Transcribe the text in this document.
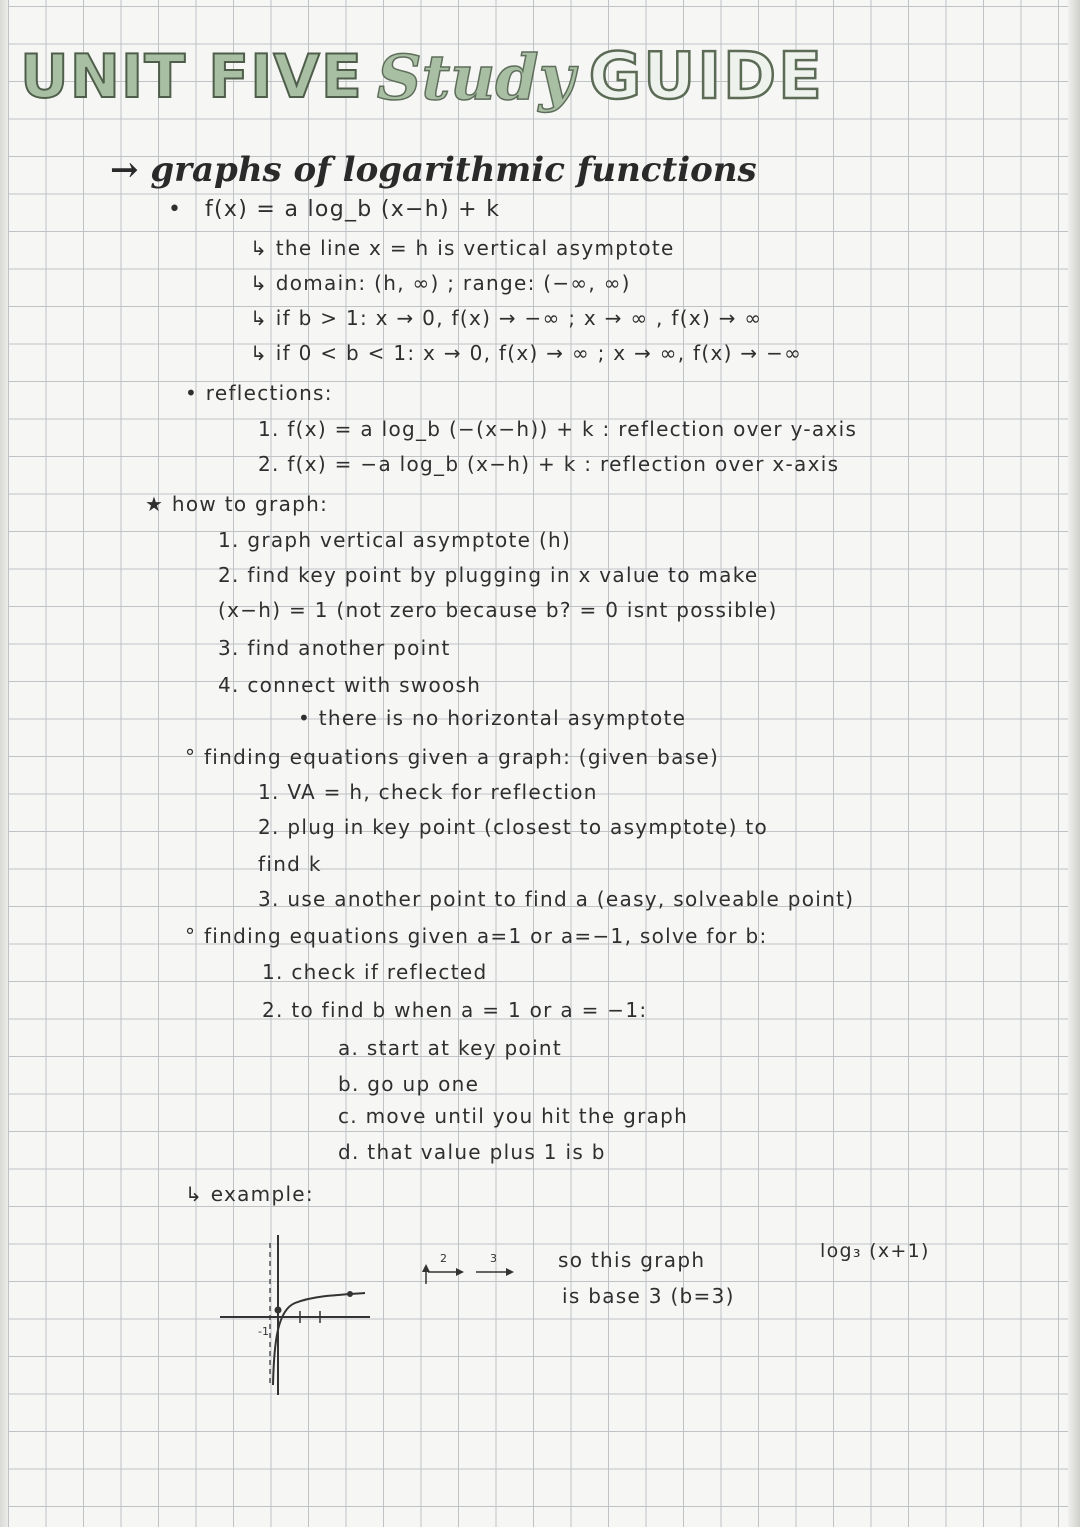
UNIT FIVE Study GUIDE
→ graphs of logarithmic functions
• f(x) = a log_b (x−h) + k
↳ the line x = h is vertical asymptote
↳ domain: (h, ∞) ; range: (−∞, ∞)
↳ if b > 1: x → 0, f(x) → −∞ ; x → ∞ , f(x) → ∞
↳ if 0 < b < 1: x → 0, f(x) → ∞ ; x → ∞, f(x) → −∞
• reflections:
1. f(x) = a log_b (−(x−h)) + k : reflection over y-axis
2. f(x) = −a log_b (x−h) + k : reflection over x-axis
★ how to graph:
1. graph vertical asymptote (h)
2. find key point by plugging in x value to make
(x−h) = 1 (not zero because b? = 0 isnt possible)
3. find another point
4. connect with swoosh
• there is no horizontal asymptote
° finding equations given a graph: (given base)
1. VA = h, check for reflection
2. plug in key point (closest to asymptote) to
find k
3. use another point to find a (easy, solveable point)
° finding equations given a=1 or a=−1, solve for b:
1. check if reflected
2. to find b when a = 1 or a = −1:
a. start at key point
b. go up one
c. move until you hit the graph
d. that value plus 1 is b
↳ example:
-1
2	3	so this graph
is base 3 (b=3)
log₃ (x+1)
